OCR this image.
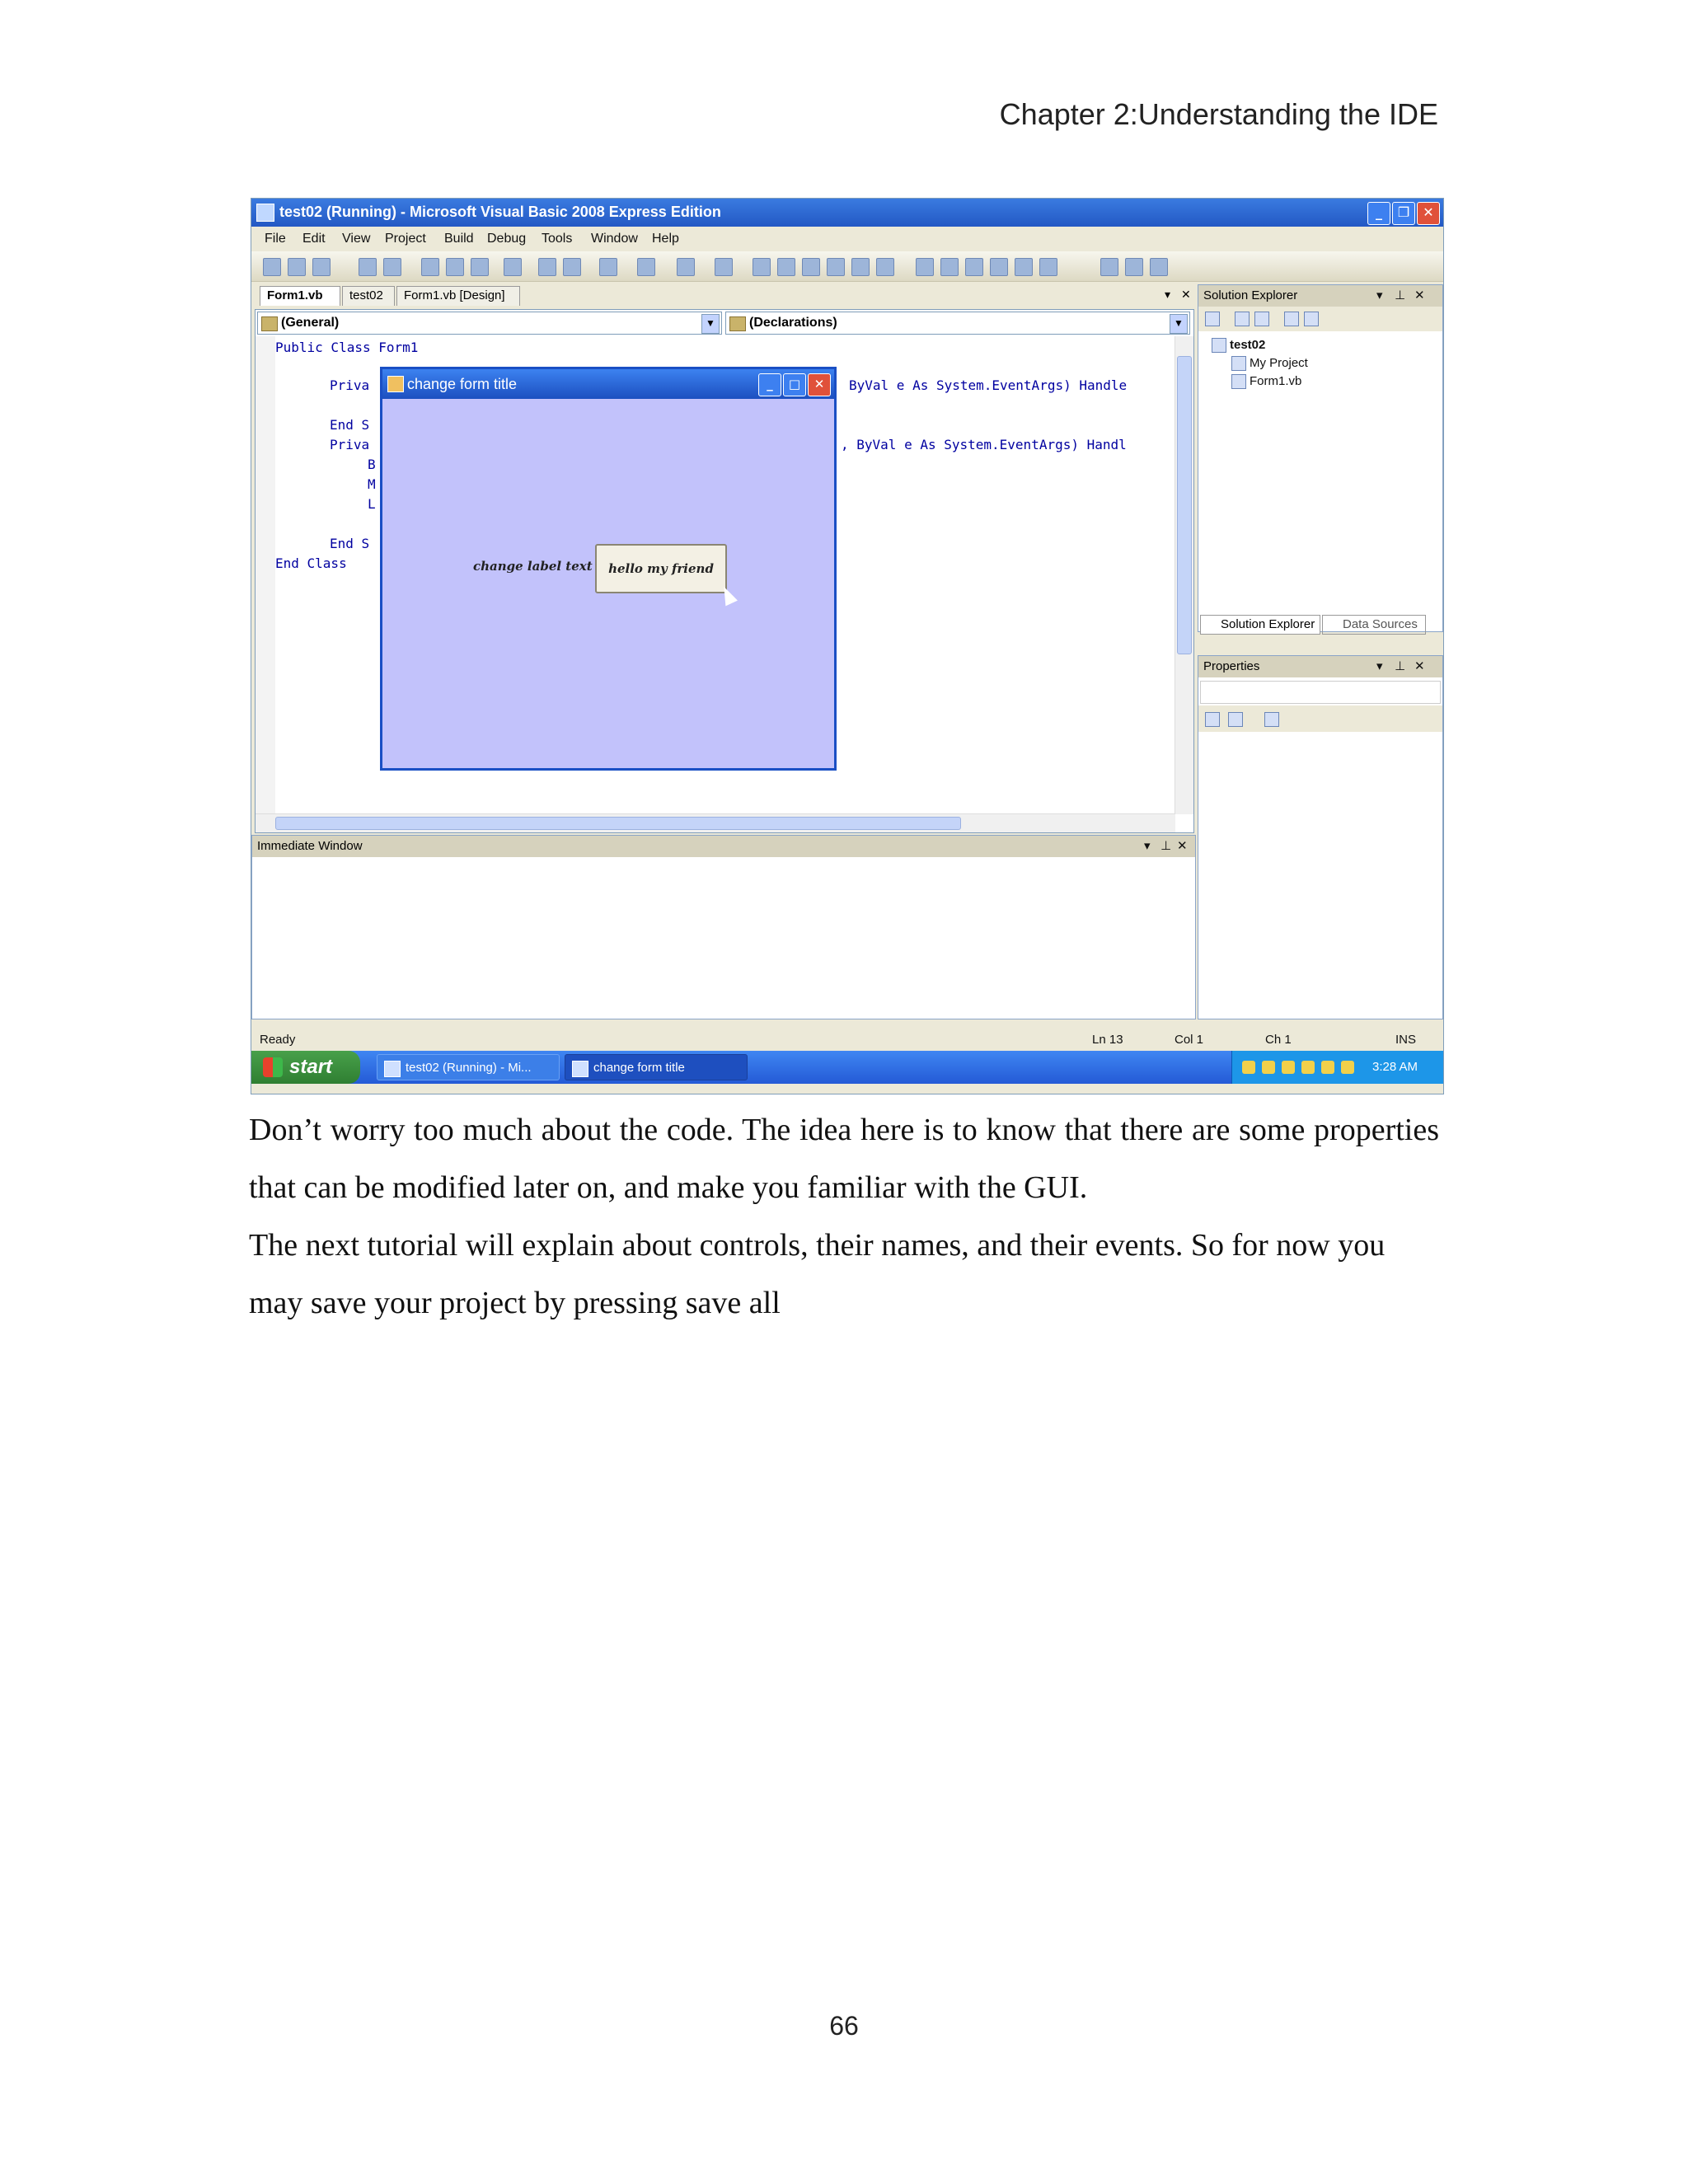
Chapter 2:Understanding the IDE
test02 (Running) - Microsoft Visual Basic 2008 Express Edition	_	❐	✕
File Edit View Project Build Debug Tools Window Help
Form1.vb	test02	Form1.vb [Design]	▾ ✕
(General)	▼	(Declarations)	▼
Public Class Form1
Priva
End S
Priva
B
M
L
End S
End Class
ByVal e As System.EventArgs) Handle
, ByVal e As System.EventArgs) Handl
change form title	_	□	✕
change label text	hello my friend
Immediate Window	▾ ⊥ ✕
Solution Explorer	▾ ⊥ ✕
test02
My Project
Form1.vb
Solution Explorer	Data Sources
Properties	▾ ⊥ ✕
Ready	Ln 13	Col 1	Ch 1	INS
start	test02 (Running) - Mi...	change form title	3:28 AM
Don’t worry too much about the code. The idea here is to know that there are some properties that can be modified later on, and make you familiar with the GUI.
The next tutorial will explain about controls, their names, and their events. So for now you may save your project by pressing save all
66
